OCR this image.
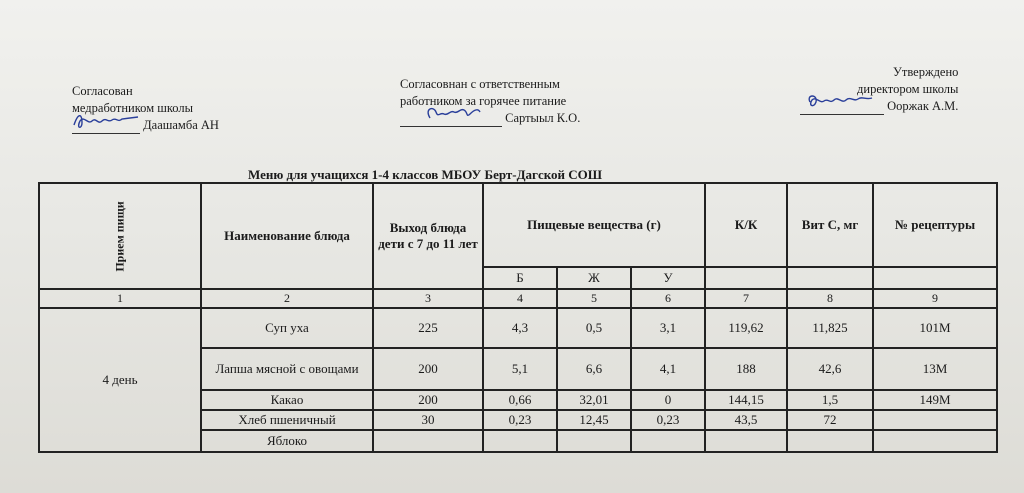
Согласован
медработником школы
Даашамба АН
Согласовнан с ответственным
работником за горячее питание
Сартыыл К.О.
Утверждено
директором школы
Ооржак А.М.
Меню для учащихся 1-4 классов МБОУ Берт-Дагской СОШ
Прием пищи	Наименование блюда	Выход блюда дети с 7 до 11 лет	Пищевые вещества (г)			К/К	Вит С, мг	№ рецептуры
			Б	Ж	У			
1	2	3	4	5	6	7	8	9
4 день	Суп уха	225	4,3	0,5	3,1	119,62	11,825	101М
	Лапша мясной с овощами	200	5,1	6,6	4,1	188	42,6	13М
	Какао	200	0,66	32,01	0	144,15	1,5	149М
	Хлеб пшеничный	30	0,23	12,45	0,23	43,5	72	
	Яблоко							
